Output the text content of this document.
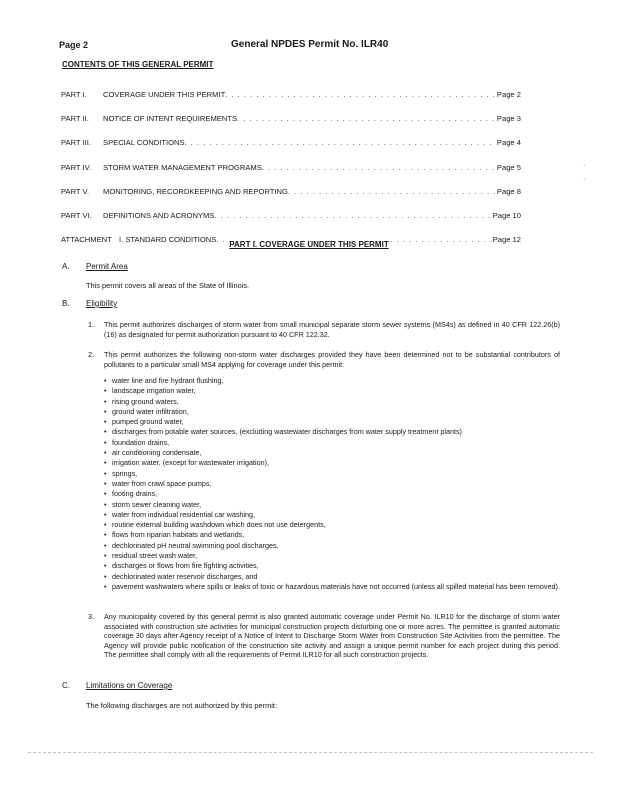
Page 2	General NPDES Permit No. ILR40
CONTENTS OF THIS GENERAL PERMIT
PART I.	COVERAGE UNDER THIS PERMIT . . .	Page 2
PART II.	NOTICE OF INTENT REQUIREMENTS . . .	Page 3
PART III.	SPECIAL CONDITIONS . . .	Page 4
PART IV.	STORM WATER MANAGEMENT PROGRAMS . . .	Page 5
PART V.	MONITORING, RECORDKEEPING AND REPORTING . . .	Page 8
PART VI.	DEFINITIONS AND ACRONYMS . . .	Page 10
ATTACHMENT I. STANDARD CONDITIONS . . .	Page 12
PART I. COVERAGE UNDER THIS PERMIT
A. Permit Area
This permit covers all areas of the State of Illinois.
B. Eligibility
1. This permit authorizes discharges of storm water from small municipal separate storm sewer systems (MS4s) as defined in 40 CFR 122.26(b)(16) as designated for permit authorization pursuant to 40 CFR 122.32.
2. This permit authorizes the following non-storm water discharges provided they have been determined not to be substantial contributors of pollutants to a particular small MS4 applying for coverage under this permit:
• water line and fire hydrant flushing,
• landscape irrigation water,
• rising ground waters,
• ground water infiltration,
• pumped ground water,
• discharges from potable water sources, (excluding wastewater discharges from water supply treatment plants)
• foundation drains,
• air conditioning condensate,
• irrigation water, (except for wastewater irrigation),
• springs,
• water from crawl space pumps,
• footing drains,
• storm sewer cleaning water,
• water from individual residential car washing,
• routine external building washdown which does not use detergents,
• flows from riparian habitats and wetlands,
• dechlorinated pH neutral swimming pool discharges,
• residual street wash water,
• discharges or flows from fire fighting activities,
• dechlorinated water reservoir discharges, and
• pavement washwaters where spills or leaks of toxic or hazardous materials have not occurred (unless all spilled material has been removed).
3. Any municipality covered by this general permit is also granted automatic coverage under Permit No. ILR10 for the discharge of storm water associated with construction site activities for municipal construction projects disturbing one or more acres. The permittee is granted automatic coverage 30 days after Agency receipt of a Notice of Intent to Discharge Storm Water from Construction Site Activities from the permittee. The Agency will provide public notification of the construction site activity and assign a unique permit number for each project during this period. The permittee shall comply with all the requirements of Permit ILR10 for all such construction projects.
C. Limitations on Coverage
The following discharges are not authorized by this permit:
·
·
